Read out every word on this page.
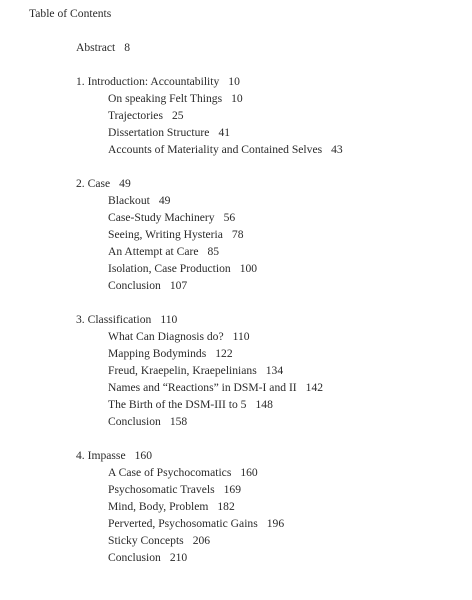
Table of Contents
Abstract 8
1. Introduction: Accountability 10
On speaking Felt Things 10
Trajectories 25
Dissertation Structure 41
Accounts of Materiality and Contained Selves 43
2. Case 49
Blackout 49
Case-Study Machinery 56
Seeing, Writing Hysteria 78
An Attempt at Care 85
Isolation, Case Production 100
Conclusion 107
3. Classification 110
What Can Diagnosis do? 110
Mapping Bodyminds 122
Freud, Kraepelin, Kraepelinians 134
Names and “Reactions” in DSM-I and II 142
The Birth of the DSM-III to 5 148
Conclusion 158
4. Impasse 160
A Case of Psychocomatics 160
Psychosomatic Travels 169
Mind, Body, Problem 182
Perverted, Psychosomatic Gains 196
Sticky Concepts 206
Conclusion 210
